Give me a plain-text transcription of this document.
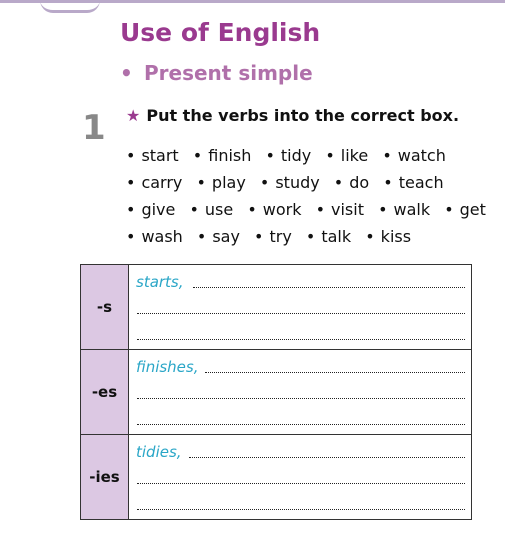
Use of English
• Present simple
1 ★ Put the verbs into the correct box.
• start • finish • tidy • like • watch
• carry • play • study • do • teach
• give • use • work • visit • walk • get
• wash • say • try • talk • kiss
-s
starts,
-es
finishes,
-ies
tidies,
